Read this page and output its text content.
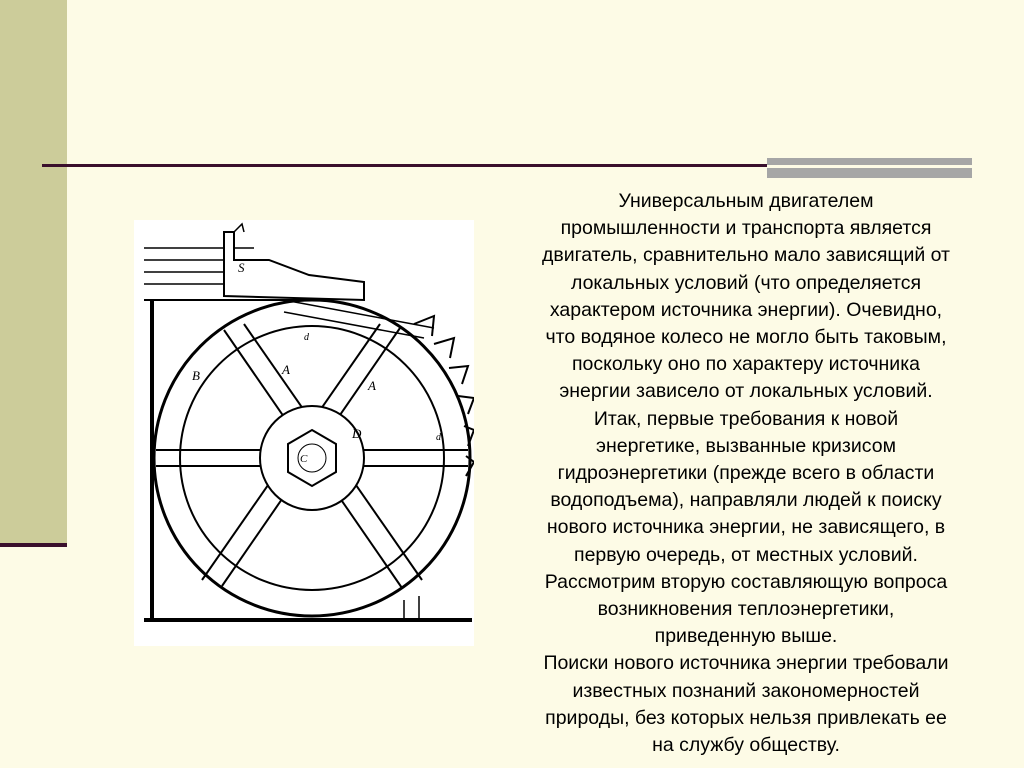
S
B	A
A
D
C
d
d

Универсальным двигателем
промышленности и транспорта является
двигатель, сравнительно мало зависящий от
локальных условий (что определяется
характером источника энергии). Очевидно,
что водяное колесо не могло быть таковым,
поскольку оно по характеру источника
энергии зависело от локальных условий.
Итак, первые требования к новой
энергетике, вызванные кризисом
гидроэнергетики (прежде всего в области
водоподъема), направляли людей к поиску
нового источника энергии, не зависящего, в
первую очередь, от местных условий.
Рассмотрим вторую составляющую вопроса
возникновения теплоэнергетики,
приведенную выше.
Поиски нового источника энергии требовали
известных познаний закономерностей
природы, без которых нельзя привлекать ее
на службу обществу.
